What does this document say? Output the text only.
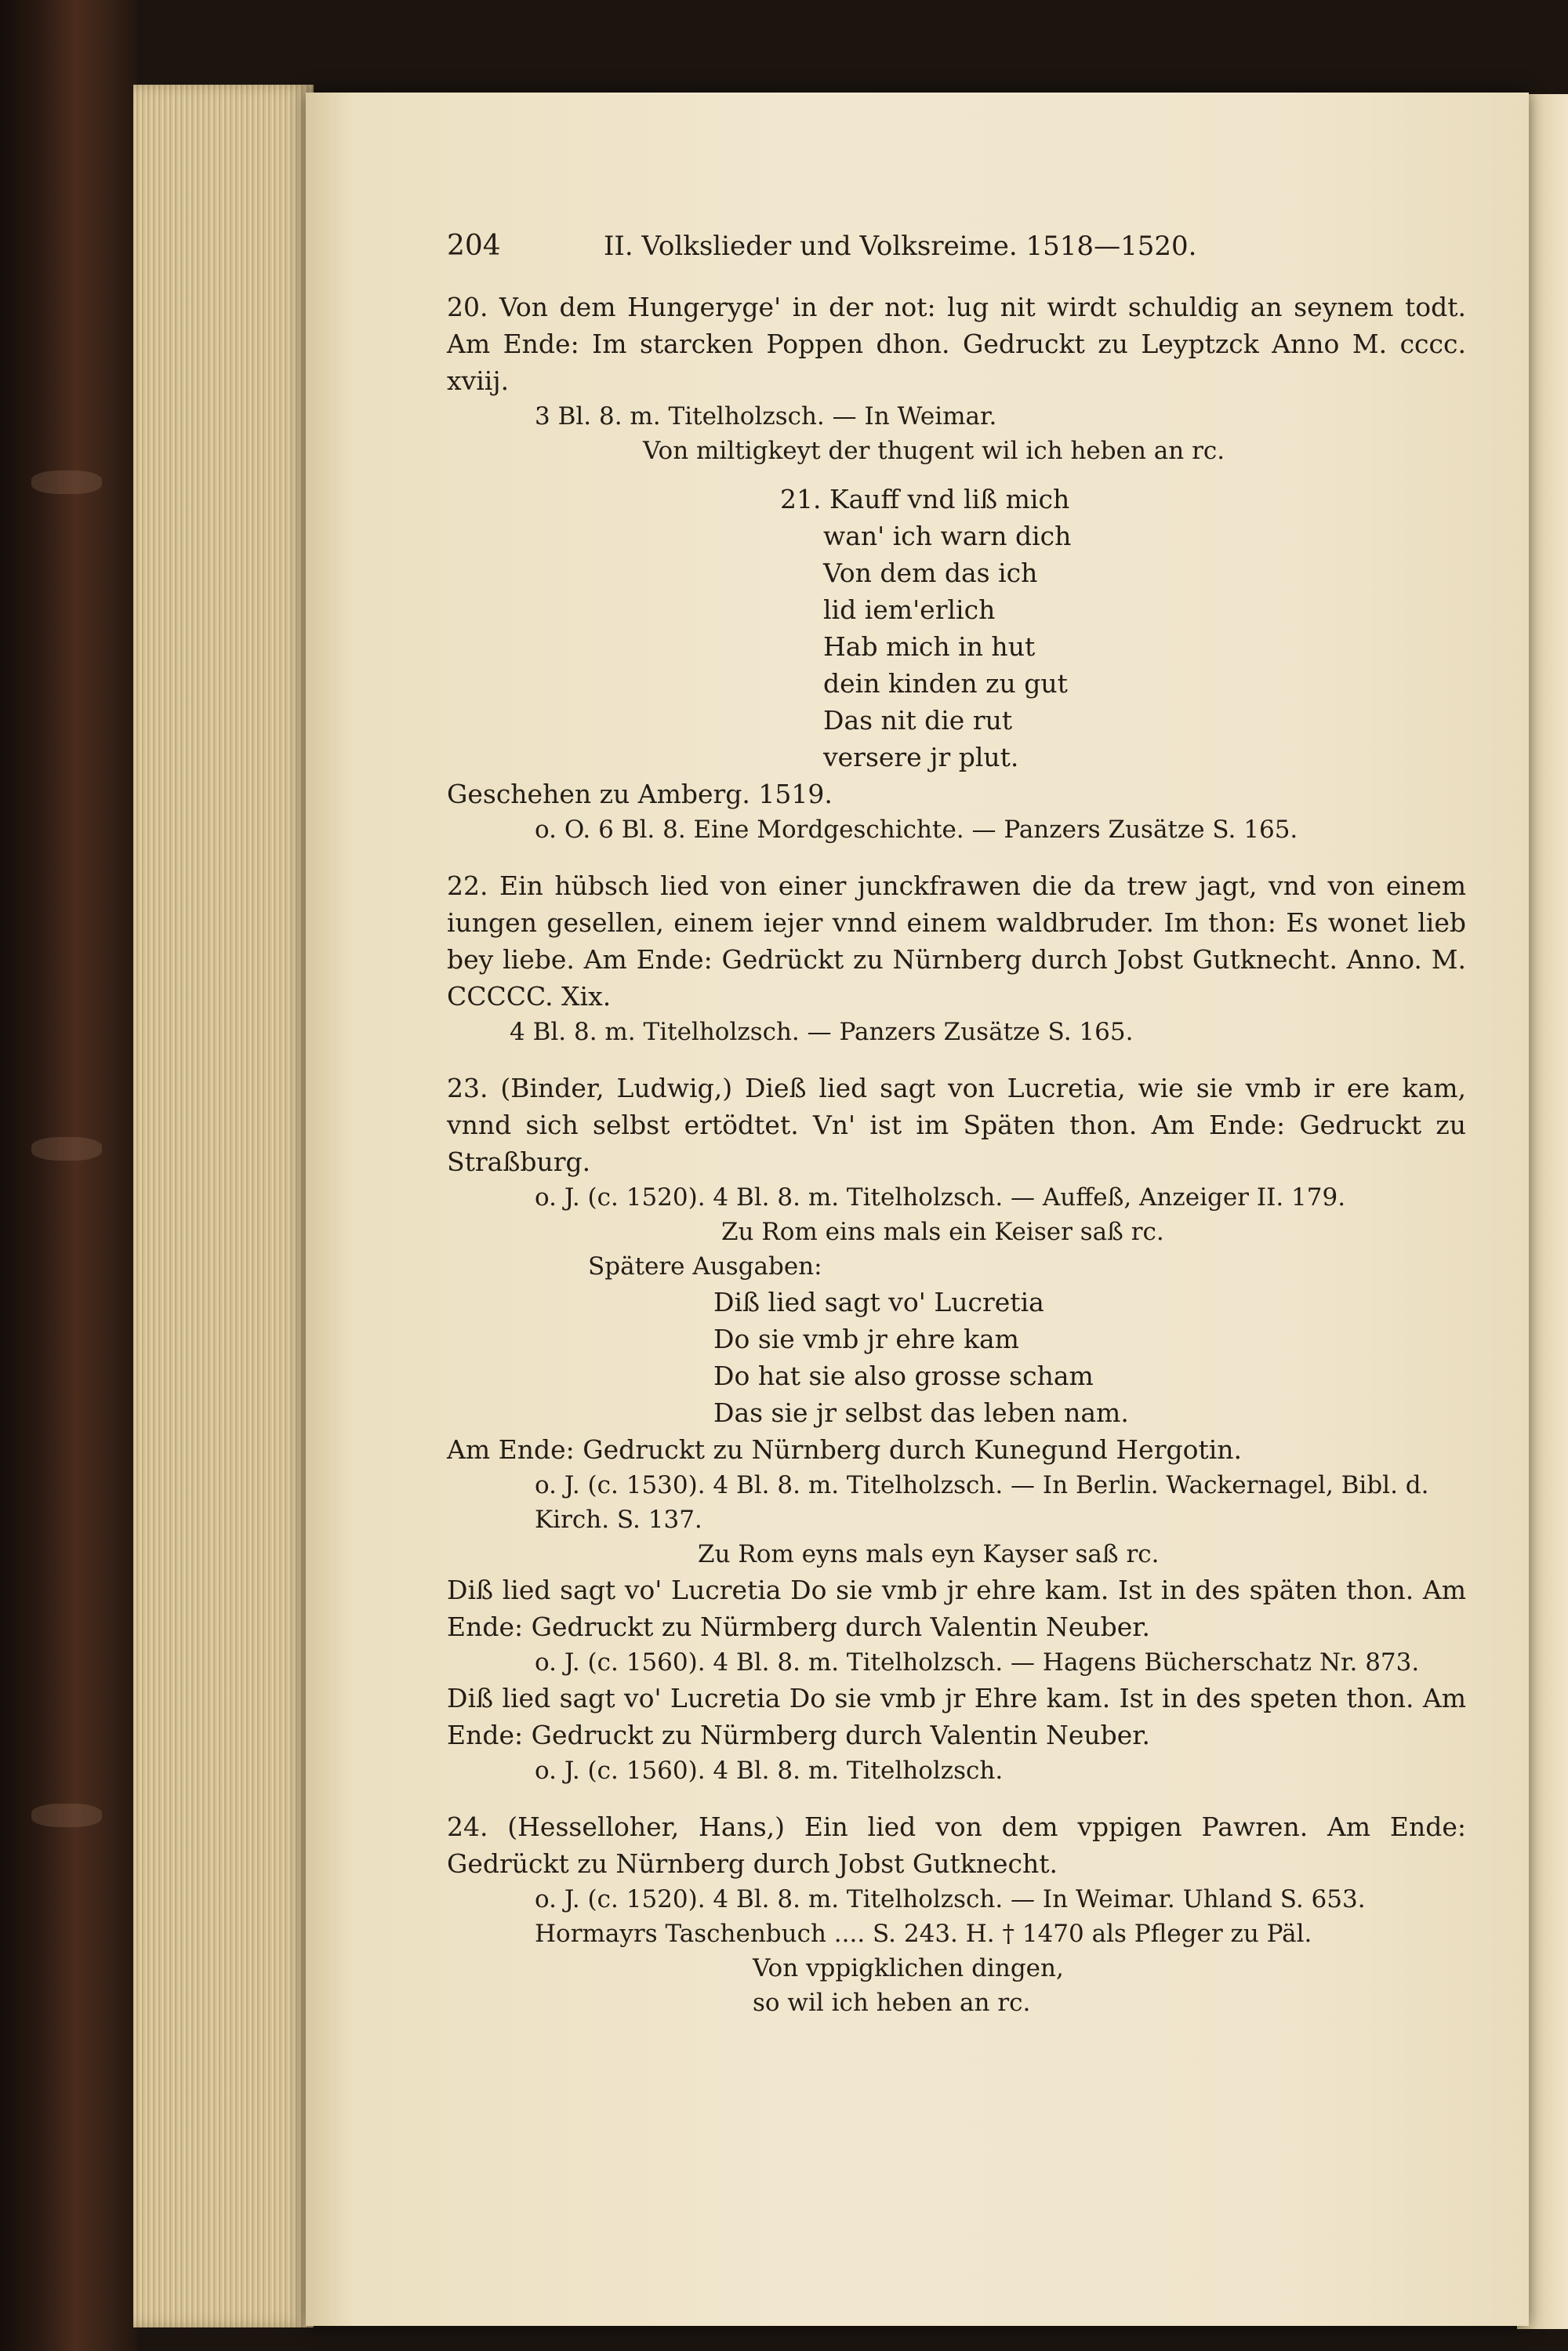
204	II. Volkslieder und Volksreime. 1518—1520.

20. Von dem Hungerygе' in der not: lug nit wirdt schuldig an seynem todt. Am Ende: Im starcken Poppen dhon. Gedruckt zu Leyptzck Anno M. cccc. xviij.

3 Bl. 8. m. Titelholzsch. — In Weimar.

Von miltigkeyt der thugent wil ich heben an rc.

21. Kauff vnd liß mich

wan' ich warn dich

Von dem das ich

lid iem'erlich

Hab mich in hut

dein kinden zu gut

Das nit die rut

versere jr plut.

Geschehen zu Amberg. 1519.

o. O. 6 Bl. 8. Eine Mordgeschichte. — Panzers Zusätze S. 165.

22. Ein hübsch lied von einer junckfrawen die da trew jagt, vnd von einem iungen gesellen, einem iejer vnnd einem waldbruder. Im thon: Es wonet lieb bey liebe. Am Ende: Gedrückt zu Nürnberg durch Jobst Gutknecht. Anno. M. CCCCC. Xix.

4 Bl. 8. m. Titelholzsch. — Panzers Zusätze S. 165.

23. (Binder, Ludwig,) Dieß lied sagt von Lucretia, wie sie vmb ir ere kam, vnnd sich selbst ertödtet. Vn' ist im Späten thon. Am Ende: Gedruckt zu Straßburg.

o. J. (c. 1520). 4 Bl. 8. m. Titelholzsch. — Auffeß, Anzeiger II. 179.

Zu Rom eins mals ein Keiser saß rc.

Spätere Ausgaben:

Diß lied sagt vo' Lucretia

Do sie vmb jr ehre kam

Do hat sie also grosse scham

Das sie jr selbst das leben nam.

Am Ende: Gedruckt zu Nürnberg durch Kunegund Hergotin.

o. J. (c. 1530). 4 Bl. 8. m. Titelholzsch. — In Berlin. Wackernagel, Bibl. d. Kirch. S. 137.

Zu Rom eyns mals eyn Kayser saß rc.

Diß lied sagt vo' Lucretia Do sie vmb jr ehre kam. Ist in des späten thon. Am Ende: Gedruckt zu Nürmberg durch Valentin Neuber.

o. J. (c. 1560). 4 Bl. 8. m. Titelholzsch. — Hagens Bücherschatz Nr. 873.

Diß lied sagt vo' Lucretia Do sie vmb jr Ehre kam. Ist in des speten thon. Am Ende: Gedruckt zu Nürmberg durch Valentin Neuber.

o. J. (c. 1560). 4 Bl. 8. m. Titelholzsch.

24. (Hesselloher, Hans,) Ein lied von dem vppigen Pawren. Am Ende: Gedrückt zu Nürnberg durch Jobst Gutknecht.

o. J. (c. 1520). 4 Bl. 8. m. Titelholzsch. — In Weimar. Uhland S. 653. Hormayrs Taschenbuch .... S. 243. H. † 1470 als Pfleger zu Päl.

Von vppigklichen dingen,

so wil ich heben an rc.
